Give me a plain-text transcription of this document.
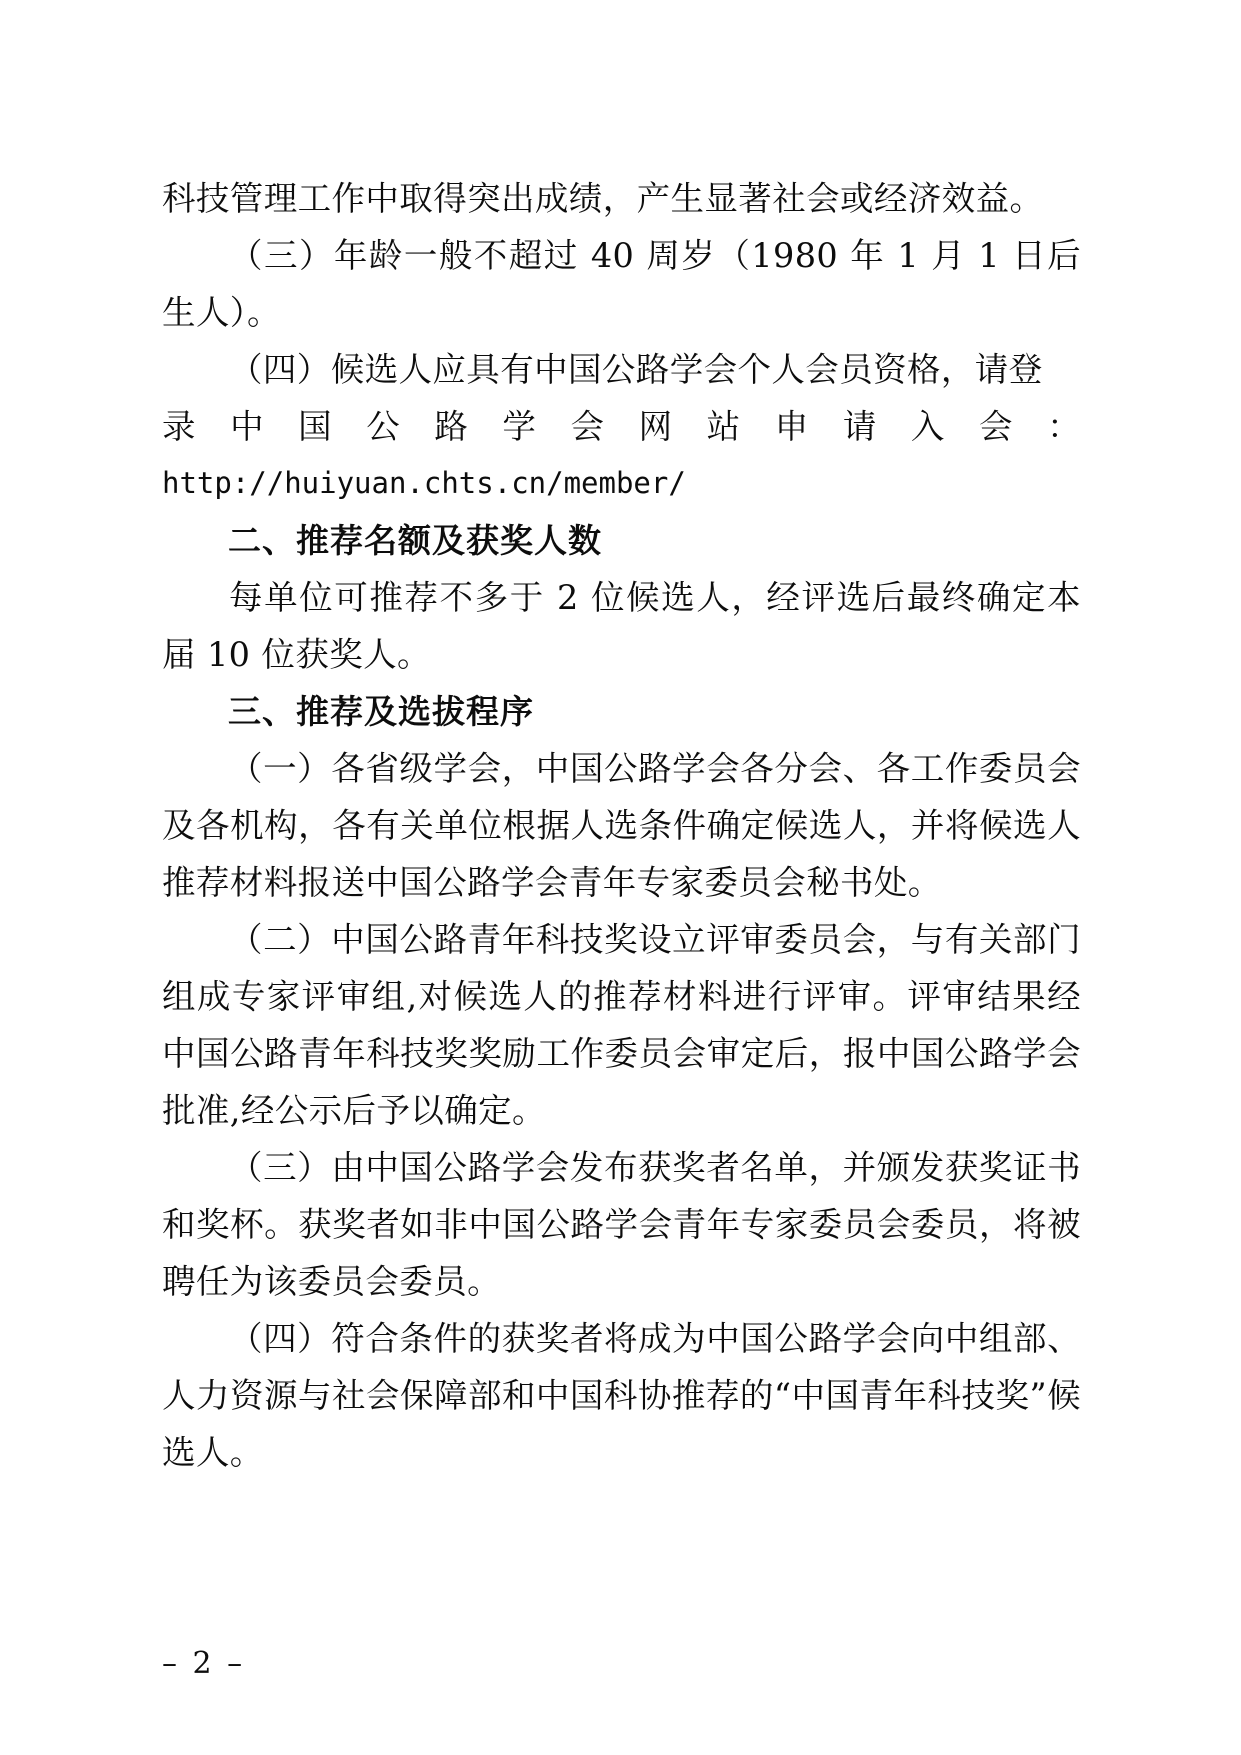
科技管理工作中取得突出成绩，产生显著社会或经济效益。

（三）年龄一般不超过 40 周岁（1980 年 1 月 1 日后生人）。

（四）候选人应具有中国公路学会个人会员资格，请登

录中国公路学会网站申请入会：

http://huiyuan.chts.cn/member/

二、推荐名额及获奖人数

每单位可推荐不多于 2 位候选人，经评选后最终确定本届 10 位获奖人。

三、推荐及选拔程序

（一）各省级学会，中国公路学会各分会、各工作委员会及各机构，各有关单位根据人选条件确定候选人，并将候选人推荐材料报送中国公路学会青年专家委员会秘书处。

（二）中国公路青年科技奖设立评审委员会，与有关部门组成专家评审组,对候选人的推荐材料进行评审。评审结果经中国公路青年科技奖奖励工作委员会审定后，报中国公路学会批准,经公示后予以确定。

（三）由中国公路学会发布获奖者名单，并颁发获奖证书和奖杯。获奖者如非中国公路学会青年专家委员会委员，将被聘任为该委员会委员。

（四）符合条件的获奖者将成为中国公路学会向中组部、人力资源与社会保障部和中国科协推荐的“中国青年科技奖”候选人。

– 2 –
